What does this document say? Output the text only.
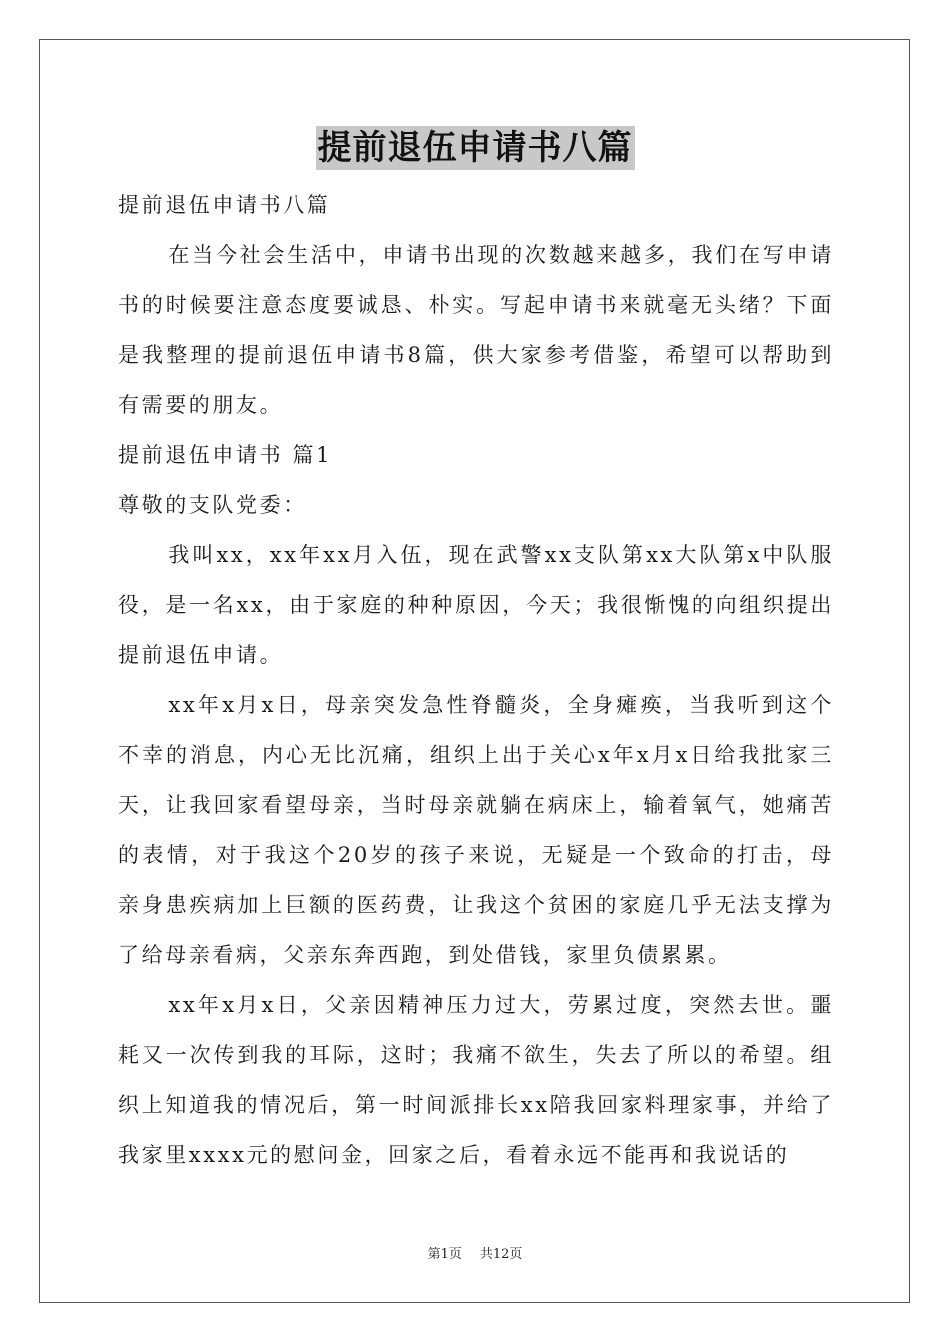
提前退伍申请书八篇

提前退伍申请书八篇

在当今社会生活中，申请书出现的次数越来越多，我们在写申请书的时候要注意态度要诚恳、朴实。写起申请书来就毫无头绪？下面是我整理的提前退伍申请书8篇，供大家参考借鉴，希望可以帮助到有需要的朋友。

提前退伍申请书 篇1

尊敬的支队党委：

我叫xx，xx年xx月入伍，现在武警xx支队第xx大队第x中队服役，是一名xx，由于家庭的种种原因，今天；我很惭愧的向组织提出提前退伍申请。

xx年x月x日，母亲突发急性脊髓炎，全身瘫痪，当我听到这个不幸的消息，内心无比沉痛，组织上出于关心x年x月x日给我批家三天，让我回家看望母亲，当时母亲就躺在病床上，输着氧气，她痛苦的表情，对于我这个20岁的孩子来说，无疑是一个致命的打击，母亲身患疾病加上巨额的医药费，让我这个贫困的家庭几乎无法支撑为了给母亲看病，父亲东奔西跑，到处借钱，家里负债累累。

xx年x月x日，父亲因精神压力过大，劳累过度，突然去世。噩耗又一次传到我的耳际，这时；我痛不欲生，失去了所以的希望。组织上知道我的情况后，第一时间派排长xx陪我回家料理家事，并给了我家里xxxx元的慰问金，回家之后，看着永远不能再和我说话的

第1页 共12页
